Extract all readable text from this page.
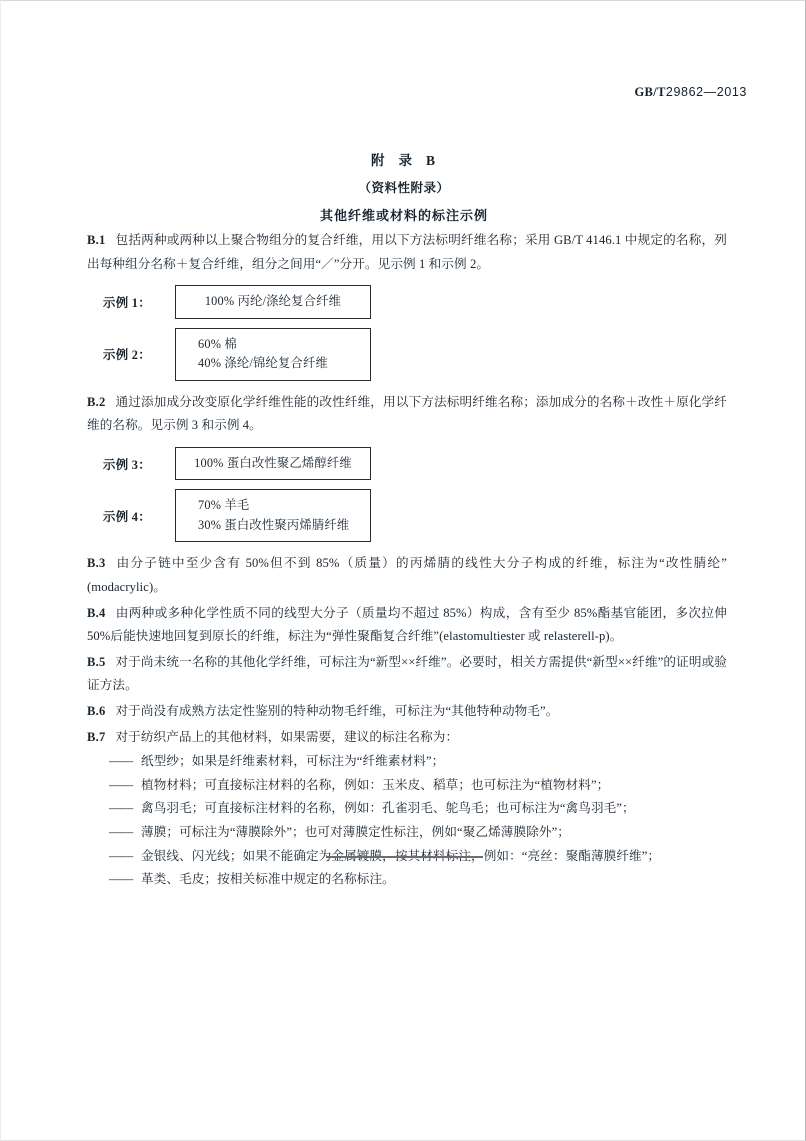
GB/T29862—2013
附 录 B
（资料性附录）
其他纤维或材料的标注示例

B.1 包括两种或两种以上聚合物组分的复合纤维，用以下方法标明纤维名称；采用 GB/T 4146.1 中规定的名称，列出每种组分名称＋复合纤维，组分之间用“／”分开。见示例 1 和示例 2。

示例 1：	100% 丙纶/涤纶复合纤维
示例 2：
60% 棉
40% 涤纶/锦纶复合纤维

B.2 通过添加成分改变原化学纤维性能的改性纤维，用以下方法标明纤维名称；添加成分的名称＋改性＋原化学纤维的名称。见示例 3 和示例 4。

示例 3：	100% 蛋白改性聚乙烯醇纤维
示例 4：
70% 羊毛
30% 蛋白改性聚丙烯腈纤维

B.3 由分子链中至少含有 50%但不到 85%（质量）的丙烯腈的线性大分子构成的纤维，标注为“改性腈纶”(modacrylic)。

B.4 由两种或多种化学性质不同的线型大分子（质量均不超过 85%）构成，含有至少 85%酯基官能团，多次拉伸 50%后能快速地回复到原长的纤维，标注为“弹性聚酯复合纤维”(elastomultiester 或 relasterell-p)。

B.5 对于尚未统一名称的其他化学纤维，可标注为“新型××纤维”。必要时，相关方需提供“新型××纤维”的证明或验证方法。

B.6 对于尚没有成熟方法定性鉴别的特种动物毛纤维，可标注为“其他特种动物毛”。

B.7 对于纺织产品上的其他材料，如果需要，建议的标注名称为：

—— 纸型纱；如果是纤维素材料，可标注为“纤维素材料”；
—— 植物材料；可直接标注材料的名称，例如：玉米皮、稻草；也可标注为“植物材料”；
—— 禽鸟羽毛；可直接标注材料的名称，例如：孔雀羽毛、鸵鸟毛；也可标注为“禽鸟羽毛”；
—— 薄膜；可标注为“薄膜除外”；也可对薄膜定性标注，例如“聚乙烯薄膜除外”；
—— 金银线、闪光线；如果不能确定为金属镀膜，按其材料标注，例如：“亮丝：聚酯薄膜纤维”；
—— 革类、毛皮；按相关标准中规定的名称标注。
